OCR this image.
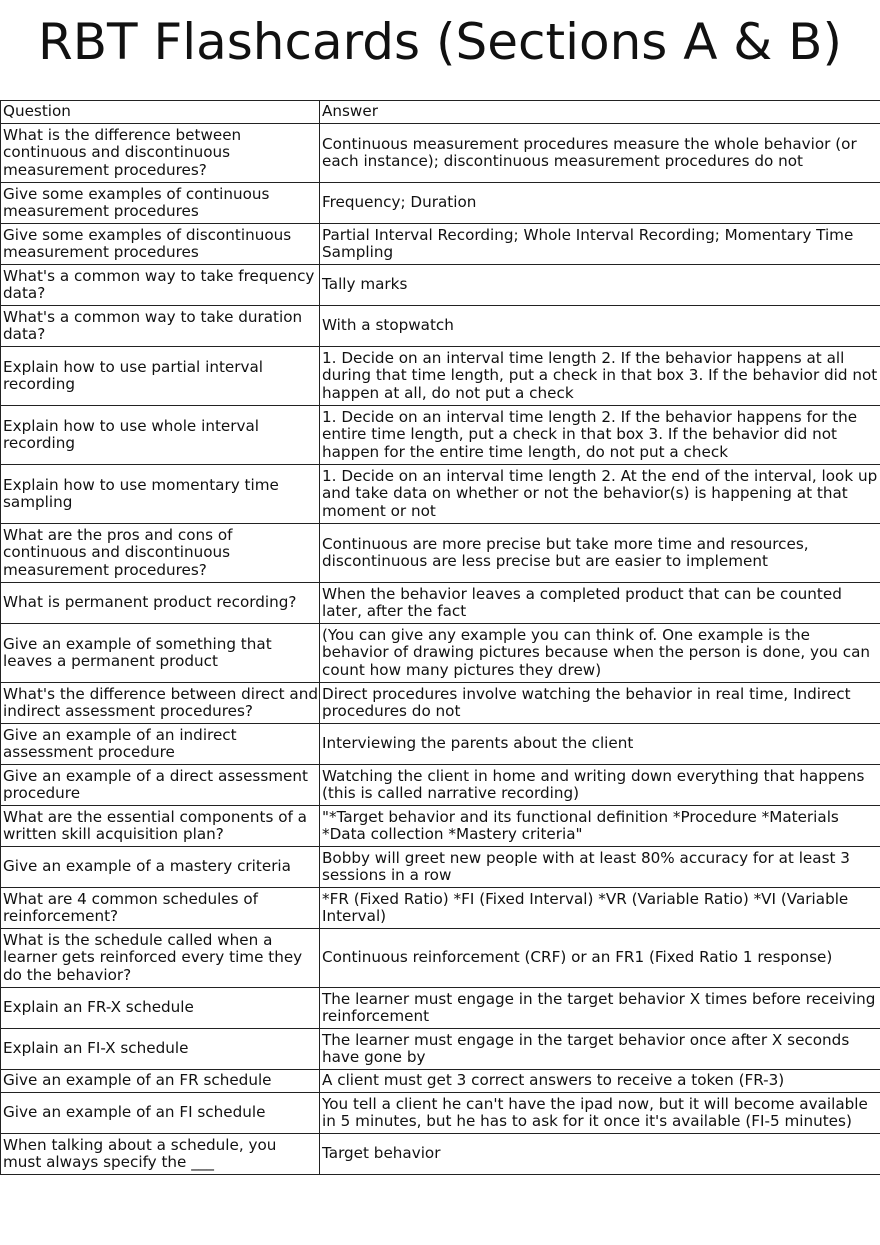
RBT Flashcards (Sections A & B)
Question	Answer
What is the difference between continuous and discontinuous measurement procedures?	Continuous measurement procedures measure the whole behavior (or each instance); discontinuous measurement procedures do not
Give some examples of continuous measurement procedures	Frequency; Duration
Give some examples of discontinuous measurement procedures	Partial Interval Recording; Whole Interval Recording; Momentary Time Sampling
What's a common way to take frequency data?	Tally marks
What's a common way to take duration data?	With a stopwatch
Explain how to use partial interval recording	1. Decide on an interval time length 2. If the behavior happens at all during that time length, put a check in that box 3. If the behavior did not happen at all, do not put a check
Explain how to use whole interval recording	1. Decide on an interval time length 2. If the behavior happens for the entire time length, put a check in that box 3. If the behavior did not happen for the entire time length, do not put a check
Explain how to use momentary time sampling	1. Decide on an interval time length 2. At the end of the interval, look up and take data on whether or not the behavior(s) is happening at that moment or not
What are the pros and cons of continuous and discontinuous measurement procedures?	Continuous are more precise but take more time and resources, discontinuous are less precise but are easier to implement
What is permanent product recording?	When the behavior leaves a completed product that can be counted later, after the fact
Give an example of something that leaves a permanent product	(You can give any example you can think of. One example is the behavior of drawing pictures because when the person is done, you can count how many pictures they drew)
What's the difference between direct and indirect assessment procedures?	Direct procedures involve watching the behavior in real time, Indirect procedures do not
Give an example of an indirect assessment procedure	Interviewing the parents about the client
Give an example of a direct assessment procedure	Watching the client in home and writing down everything that happens (this is called narrative recording)
What are the essential components of a written skill acquisition plan?	"*Target behavior and its functional definition *Procedure *Materials *Data collection *Mastery criteria"
Give an example of a mastery criteria	Bobby will greet new people with at least 80% accuracy for at least 3 sessions in a row
What are 4 common schedules of reinforcement?	*FR (Fixed Ratio) *FI (Fixed Interval) *VR (Variable Ratio) *VI (Variable Interval)
What is the schedule called when a learner gets reinforced every time they do the behavior?	Continuous reinforcement (CRF) or an FR1 (Fixed Ratio 1 response)
Explain an FR-X schedule	The learner must engage in the target behavior X times before receiving reinforcement
Explain an FI-X schedule	The learner must engage in the target behavior once after X seconds have gone by
Give an example of an FR schedule	A client must get 3 correct answers to receive a token (FR-3)
Give an example of an FI schedule	You tell a client he can't have the ipad now, but it will become available in 5 minutes, but he has to ask for it once it's available (FI-5 minutes)
When talking about a schedule, you must always specify the ___	Target behavior
